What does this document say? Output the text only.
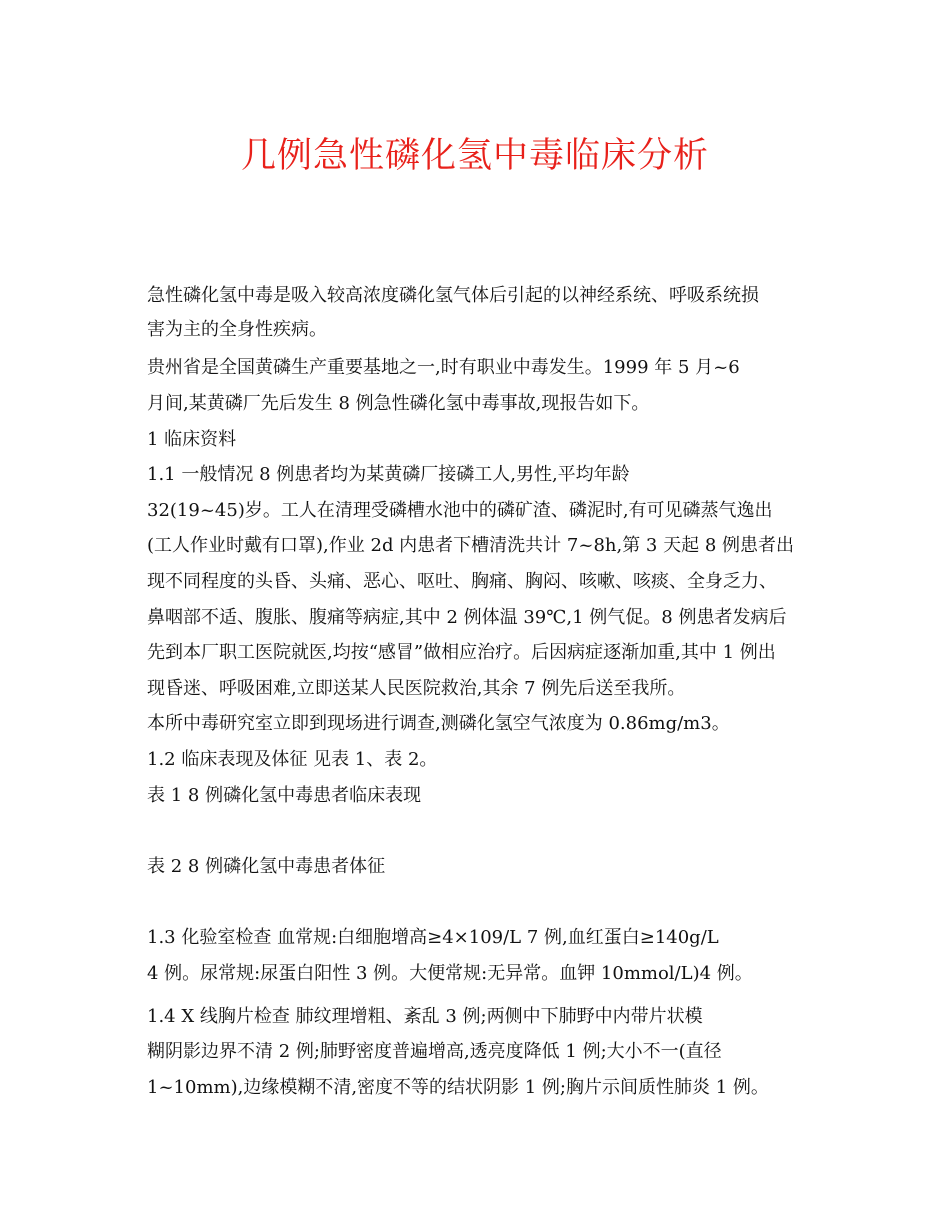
几例急性磷化氢中毒临床分析
急性磷化氢中毒是吸入较高浓度磷化氢气体后引起的以神经系统、呼吸系统损
害为主的全身性疾病。
贵州省是全国黄磷生产重要基地之一,时有职业中毒发生。1999 年 5 月~6
月间,某黄磷厂先后发生 8 例急性磷化氢中毒事故,现报告如下。
1 临床资料
1.1 一般情况 8 例患者均为某黄磷厂接磷工人,男性,平均年龄
32(19~45)岁。工人在清理受磷槽水池中的磷矿渣、磷泥时,有可见磷蒸气逸出
(工人作业时戴有口罩),作业 2d 内患者下槽清洗共计 7~8h,第 3 天起 8 例患者出
现不同程度的头昏、头痛、恶心、呕吐、胸痛、胸闷、咳嗽、咳痰、全身乏力、
鼻咽部不适、腹胀、腹痛等病症,其中 2 例体温 39℃,1 例气促。8 例患者发病后
先到本厂职工医院就医,均按“感冒”做相应治疗。后因病症逐渐加重,其中 1 例出
现昏迷、呼吸困难,立即送某人民医院救治,其余 7 例先后送至我所。
本所中毒研究室立即到现场进行调查,测磷化氢空气浓度为 0.86mg/m3。
1.2 临床表现及体征 见表 1、表 2。
表 1 8 例磷化氢中毒患者临床表现
表 2 8 例磷化氢中毒患者体征
1.3 化验室检查 血常规:白细胞增高≥4×109/L 7 例,血红蛋白≥140g/L
4 例。尿常规:尿蛋白阳性 3 例。大便常规:无异常。血钾 10mmol/L)4 例。
1.4 X 线胸片检查 肺纹理增粗、紊乱 3 例;两侧中下肺野中内带片状模
糊阴影边界不清 2 例;肺野密度普遍增高,透亮度降低 1 例;大小不一(直径
1~10mm),边缘模糊不清,密度不等的结状阴影 1 例;胸片示间质性肺炎 1 例。
